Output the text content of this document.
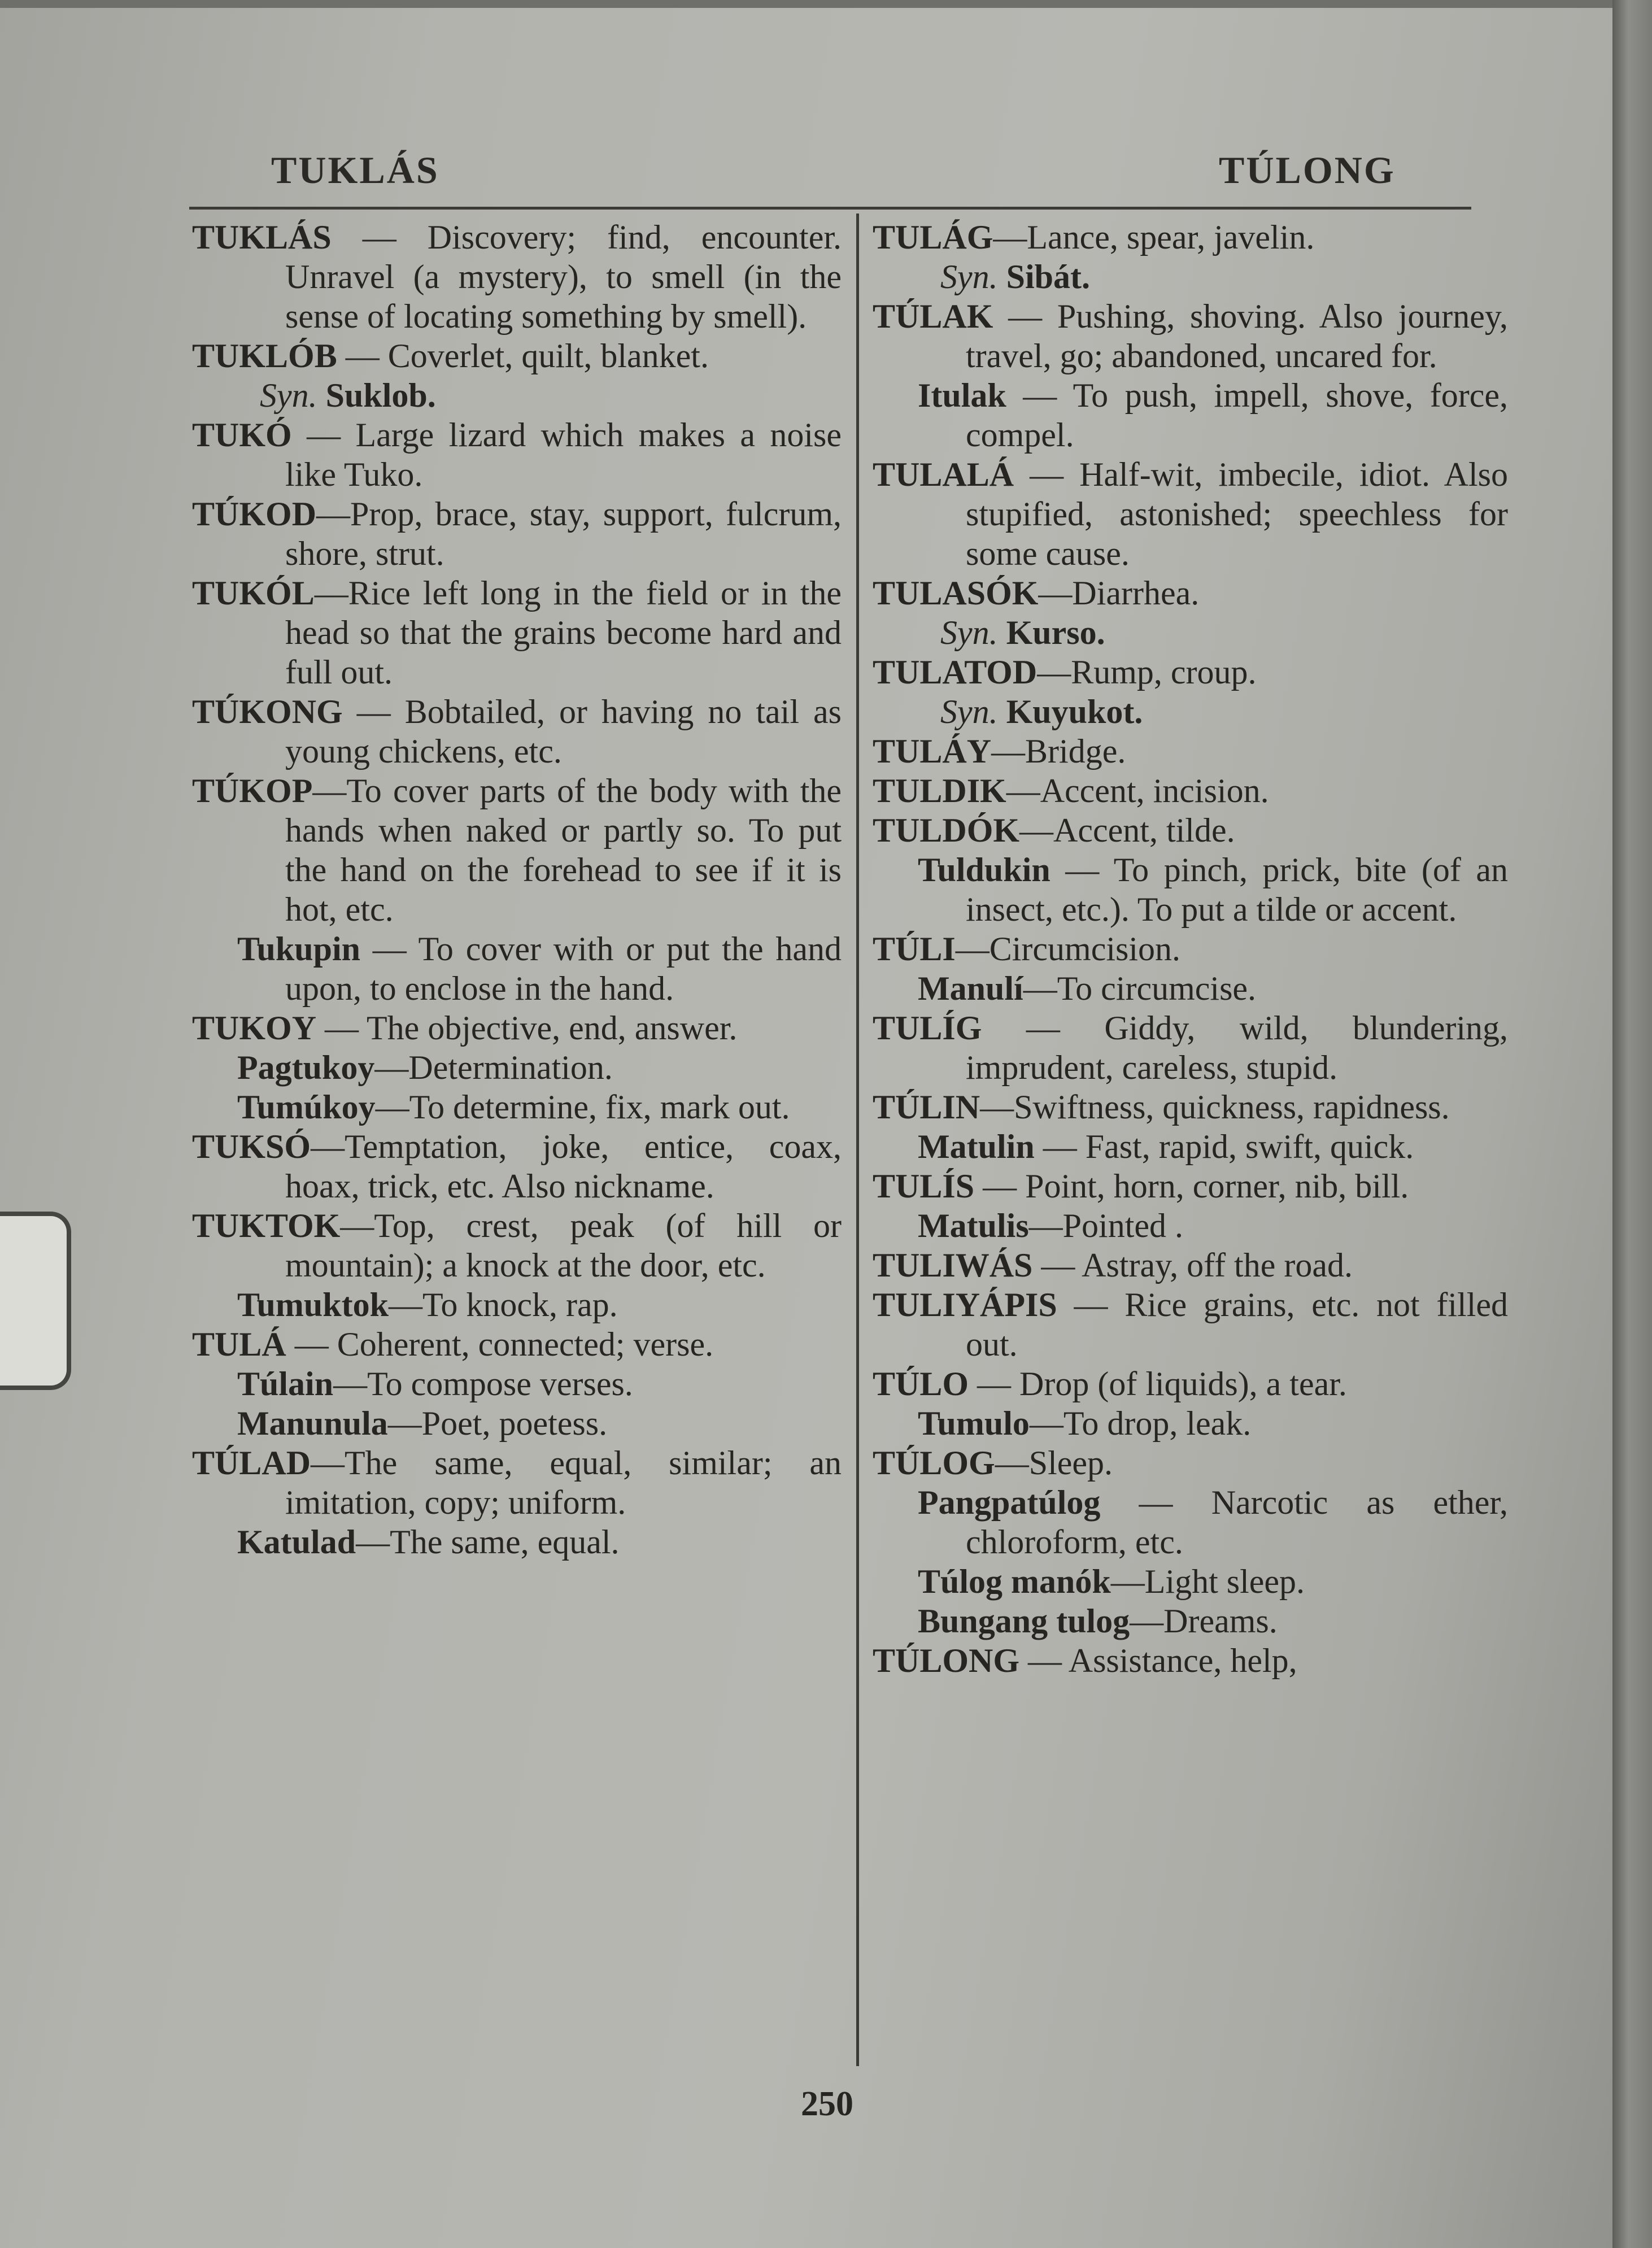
TUKLÁS	TÚLONG

TUKLÁS — Discovery; find, encounter. Unravel (a mystery), to smell (in the sense of locating something by smell).

TUKLÓB — Coverlet, quilt, blanket.

Syn. Suklob.

TUKÓ — Large lizard which makes a noise like Tuko.

TÚKOD—Prop, brace, stay, support, fulcrum, shore, strut.

TUKÓL—Rice left long in the field or in the head so that the grains become hard and full out.

TÚKONG — Bobtailed, or having no tail as young chickens, etc.

TÚKOP—To cover parts of the body with the hands when naked or partly so. To put the hand on the forehead to see if it is hot, etc.

Tukupin — To cover with or put the hand upon, to enclose in the hand.

TUKOY — The objective, end, answer.

Pagtukoy—Determination.

Tumúkoy—To determine, fix, mark out.

TUKSÓ—Temptation, joke, entice, coax, hoax, trick, etc. Also nickname.

TUKTOK—Top, crest, peak (of hill or mountain); a knock at the door, etc.

Tumuktok—To knock, rap.

TULÁ — Coherent, connected; verse.

Túlain—To compose verses.

Manunula—Poet, poetess.

TÚLAD—The same, equal, similar; an imitation, copy; uniform.

Katulad—The same, equal.

TULÁG—Lance, spear, javelin.

Syn. Sibát.

TÚLAK — Pushing, shoving. Also journey, travel, go; abandoned, uncared for.

Itulak — To push, impell, shove, force, compel.

TULALÁ — Half-wit, imbecile, idiot. Also stupified, astonished; speechless for some cause.

TULASÓK—Diarrhea.

Syn. Kurso.

TULATOD—Rump, croup.

Syn. Kuyukot.

TULÁY—Bridge.

TULDIK—Accent, incision.

TULDÓK—Accent, tilde.

Tuldukin — To pinch, prick, bite (of an insect, etc.). To put a tilde or accent.

TÚLI—Circumcision.

Manulí—To circumcise.

TULÍG — Giddy, wild, blundering, imprudent, careless, stupid.

TÚLIN—Swiftness, quickness, rapidness.

Matulin — Fast, rapid, swift, quick.

TULÍS — Point, horn, corner, nib, bill.

Matulis—Pointed .

TULIWÁS — Astray, off the road.

TULIYÁPIS — Rice grains, etc. not filled out.

TÚLO — Drop (of liquids), a tear.

Tumulo—To drop, leak.

TÚLOG—Sleep.

Pangpatúlog — Narcotic as ether, chloroform, etc.

Túlog manók—Light sleep.

Bungang tulog—Dreams.

TÚLONG — Assistance, help,

250
